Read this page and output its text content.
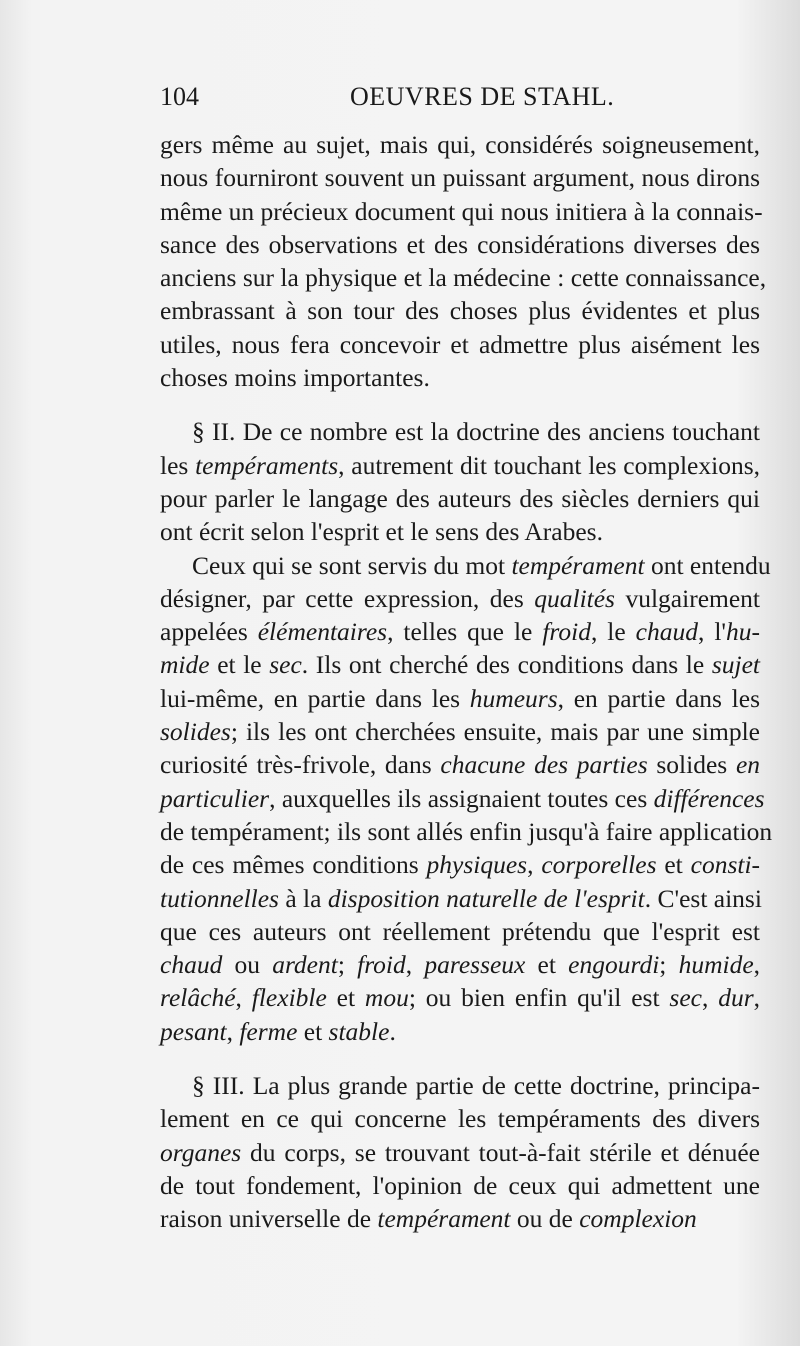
104	OEUVRES DE STAHL.
gers même au sujet, mais qui, considérés soigneusement,
nous fourniront souvent un puissant argument, nous dirons
même un précieux document qui nous initiera à la connais-
sance des observations et des considérations diverses des
anciens sur la physique et la médecine : cette connaissance,
embrassant à son tour des choses plus évidentes et plus
utiles, nous fera concevoir et admettre plus aisément les
choses moins importantes.
§ II. De ce nombre est la doctrine des anciens touchant
les tempéraments, autrement dit touchant les complexions,
pour parler le langage des auteurs des siècles derniers qui
ont écrit selon l'esprit et le sens des Arabes.
Ceux qui se sont servis du mot tempérament ont entendu
désigner, par cette expression, des qualités vulgairement
appelées élémentaires, telles que le froid, le chaud, l'hu-
mide et le sec. Ils ont cherché des conditions dans le sujet
lui-même, en partie dans les humeurs, en partie dans les
solides; ils les ont cherchées ensuite, mais par une simple
curiosité très-frivole, dans chacune des parties solides en
particulier, auxquelles ils assignaient toutes ces différences
de tempérament; ils sont allés enfin jusqu'à faire application
de ces mêmes conditions physiques, corporelles et consti-
tutionnelles à la disposition naturelle de l'esprit. C'est ainsi
que ces auteurs ont réellement prétendu que l'esprit est
chaud ou ardent; froid, paresseux et engourdi; humide,
relâché, flexible et mou; ou bien enfin qu'il est sec, dur,
pesant, ferme et stable.
§ III. La plus grande partie de cette doctrine, principa-
lement en ce qui concerne les tempéraments des divers
organes du corps, se trouvant tout-à-fait stérile et dénuée
de tout fondement, l'opinion de ceux qui admettent une
raison universelle de tempérament ou de complexion
